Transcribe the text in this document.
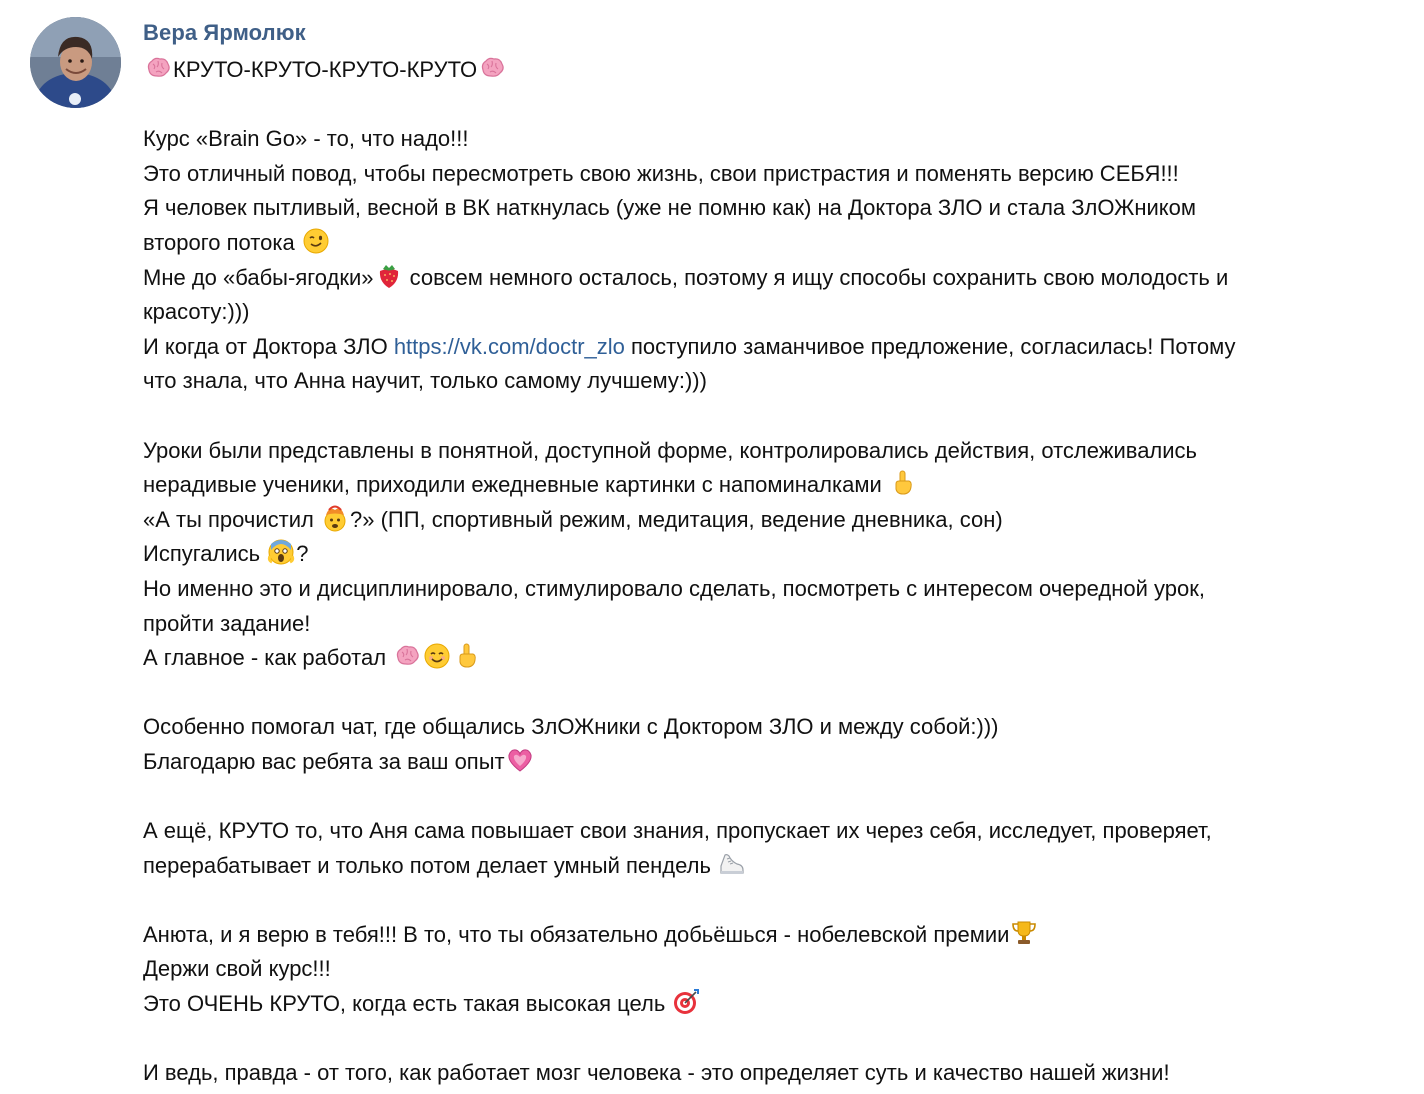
Вера Ярмолюк
КРУТО-КРУТО-КРУТО-КРУТО
Курс «Brain Go» - то, что надо!!!
Это отличный повод, чтобы пересмотреть свою жизнь, свои пристрастия и поменять версию СЕБЯ!!!
Я человек пытливый, весной в ВК наткнулась (уже не помню как) на Доктора ЗЛО и стала ЗлОЖником
второго потока
Мне до «бабы-ягодки»
совсем немного осталось, поэтому я ищу способы сохранить свою молодость и
красоту:)))
И когда от Доктора ЗЛО https://vk.com/doctr_zlo поступило заманчивое предложение, согласилась! Потому
что знала, что Анна научит, только самому лучшему:)))
Уроки были представлены в понятной, доступной форме, контролировались действия, отслеживались
нерадивые ученики, приходили ежедневные картинки с напоминалками
«А ты прочистил
?» (ПП, спортивный режим, медитация, ведение дневника, сон)
Испугались
?
Но именно это и дисциплинировало, стимулировало сделать, посмотреть с интересом очередной урок,
пройти задание!
А главное - как работал
Особенно помогал чат, где общались ЗлОЖники с Доктором ЗЛО и между собой:)))
Благодарю вас ребята за ваш опыт
А ещё, КРУТО то, что Аня сама повышает свои знания, пропускает их через себя, исследует, проверяет,
перерабатывает и только потом делает умный пендель
Анюта, и я верю в тебя!!! В то, что ты обязательно добьёшься - нобелевской премии
Держи свой курс!!!
Это ОЧЕНЬ КРУТО, когда есть такая высокая цель
И ведь, правда - от того, как работает мозг человека - это определяет суть и качество нашей жизни!
